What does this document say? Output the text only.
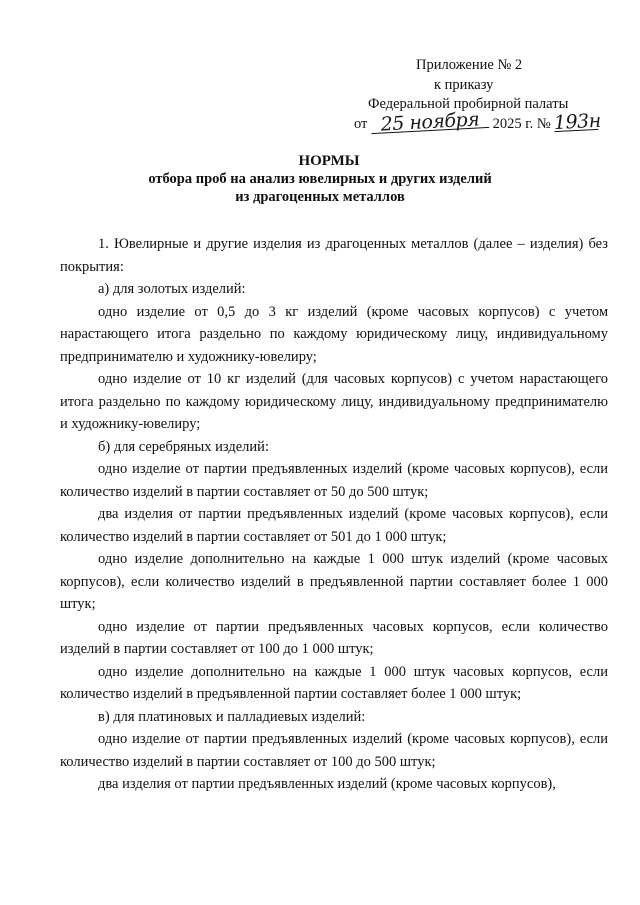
Приложение № 2
к приказу
Федеральной пробирной палаты
от 25 ноября 2025 г. № 193н
НОРМЫ
отбора проб на анализ ювелирных и других изделий
из драгоценных металлов

1. Ювелирные и другие изделия из драгоценных металлов (далее – изделия) без покрытия:

а) для золотых изделий:

одно изделие от 0,5 до 3 кг изделий (кроме часовых корпусов) с учетом нарастающего итога раздельно по каждому юридическому лицу, индивидуальному предпринимателю и художнику-ювелиру;

одно изделие от 10 кг изделий (для часовых корпусов) с учетом нарастающего итога раздельно по каждому юридическому лицу, индивидуальному предпринимателю и художнику-ювелиру;

б) для серебряных изделий:

одно изделие от партии предъявленных изделий (кроме часовых корпусов), если количество изделий в партии составляет от 50 до 500 штук;

два изделия от партии предъявленных изделий (кроме часовых корпусов), если количество изделий в партии составляет от 501 до 1 000 штук;

одно изделие дополнительно на каждые 1 000 штук изделий (кроме часовых корпусов), если количество изделий в предъявленной партии составляет более 1 000 штук;

одно изделие от партии предъявленных часовых корпусов, если количество изделий в партии составляет от 100 до 1 000 штук;

одно изделие дополнительно на каждые 1 000 штук часовых корпусов, если количество изделий в предъявленной партии составляет более 1 000 штук;

в) для платиновых и палладиевых изделий:

одно изделие от партии предъявленных изделий (кроме часовых корпусов), если количество изделий в партии составляет от 100 до 500 штук;

два изделия от партии предъявленных изделий (кроме часовых корпусов),
